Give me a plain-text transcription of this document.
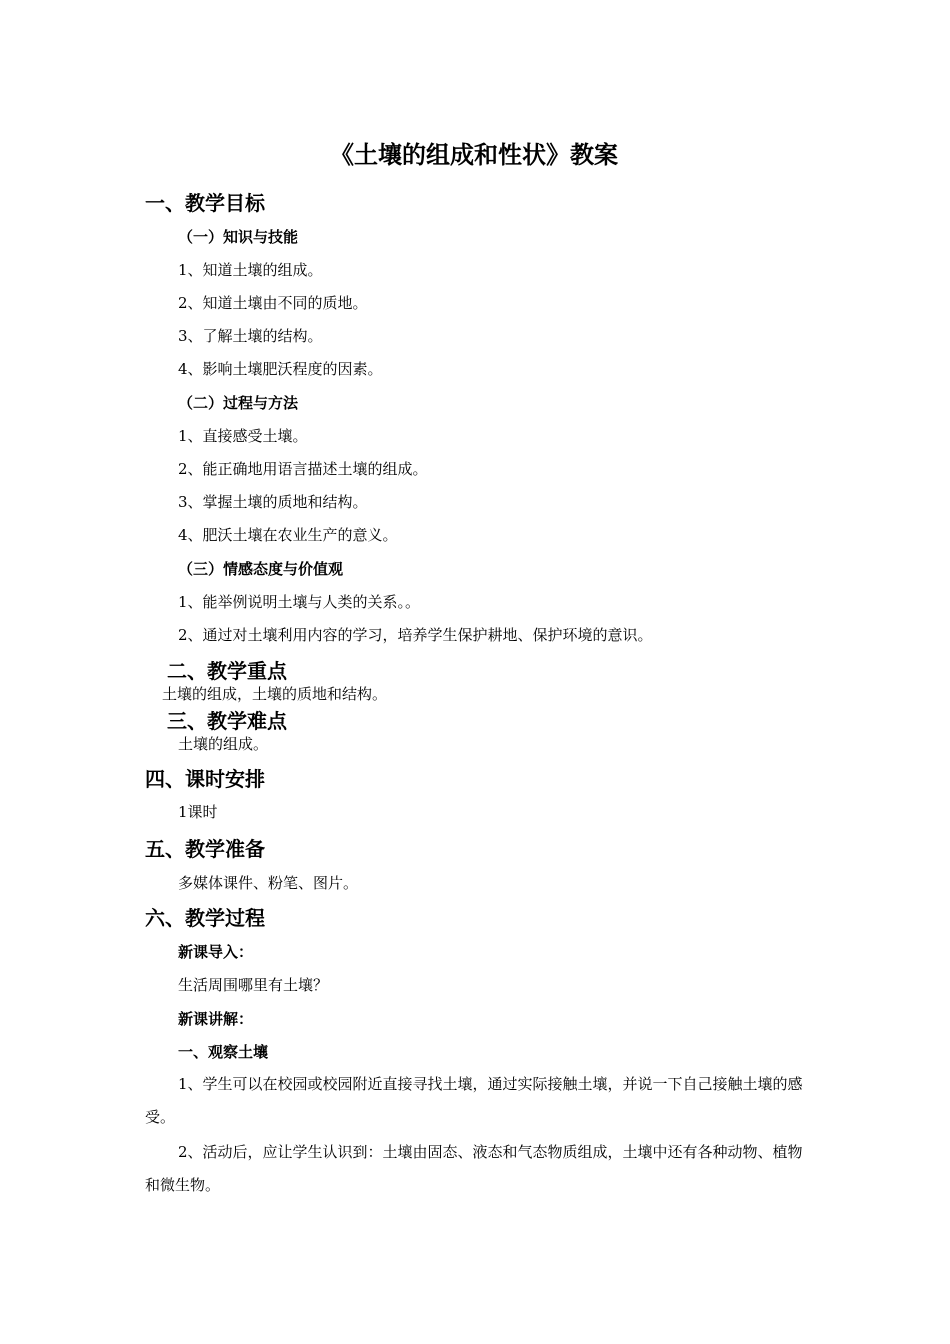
《土壤的组成和性状》教案
一、教学目标
（一）知识与技能
1、知道土壤的组成。
2、知道土壤由不同的质地。
3、了解土壤的结构。
4、影响土壤肥沃程度的因素。
（二）过程与方法
1、直接感受土壤。
2、能正确地用语言描述土壤的组成。
3、掌握土壤的质地和结构。
4、肥沃土壤在农业生产的意义。
（三）情感态度与价值观
1、能举例说明土壤与人类的关系。。
2、通过对土壤利用内容的学习，培养学生保护耕地、保护环境的意识。
二、教学重点
土壤的组成，土壤的质地和结构。
三、教学难点
土壤的组成。
四、课时安排
1课时
五、教学准备
多媒体课件、粉笔、图片。
六、教学过程
新课导入：
生活周围哪里有土壤？
新课讲解：
一、观察土壤
1、学生可以在校园或校园附近直接寻找土壤，通过实际接触土壤，并说一下自己接触土壤的感受。
2、活动后，应让学生认识到：土壤由固态、液态和气态物质组成，土壤中还有各种动物、植物和微生物。
